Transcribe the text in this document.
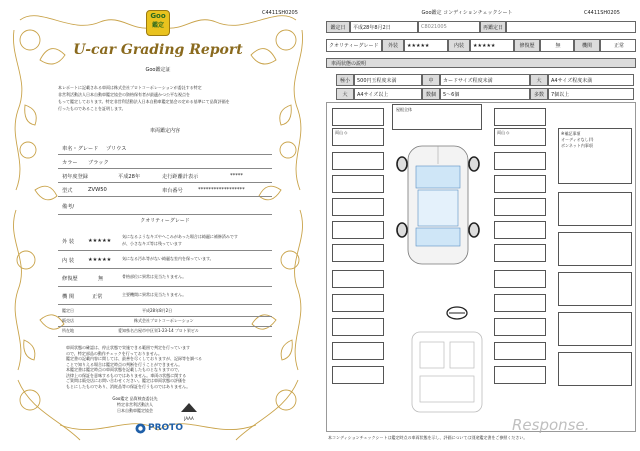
Goo
鑑定
C4411SH0205
U-car Grading Report
Goo鑑定証
本レポートに記載される車両は株式会社プロトコーポレーションが委託する特定
非営利活動法人日本自動車鑑定協会の資格保有者が最適かつ公平な視点を
もって鑑定しております。特定非営利活動法人日本自動車鑑定協会の定める基準にて品質評価を
行ったものであることを証明します。
車両鑑定内容
車名・グレード プリウス
カラー ブラック
初年度登録	平成28年	走行距離計表示	*****
型式	ZVW50	車台番号	******************
備考/
クオリティーグレード
外 装	★★★★★
気になるようなキズやへこみがあった場合は綺麗に補修済みです
が、小さなキズ等は残っています
内 装	★★★★★	気になる汚れ等がない綺麗な室内を保っています。
修復歴	無	骨格部位に異常は見当たりません。
機 関	正常	主要機関に異常は見当たりません。
鑑定日	平成28年8月2日
販売店	株式会社プロトコーポレーション
所在地	愛知県名古屋市中区栄1-23-14 プロト栄ビル
車両状態の確認は、停止状態で実施できる範囲で判定を行っています
ので、特定部品の動作チェックを行っておりません。
鑑定書の記載内容に関しては、最善を尽くしておりますが、記録等を調べる
ことで知りえる場合は鑑定時点の判断を行うことができません。
本鑑定書は鑑定時点の車両状態を記載したものとなりますので、
法律上の保証を意味するものではありません。車両の状態に関する
ご質問は販売店にお問い合わせください。鑑定は車両状態の評価を
もとにしたものであり、消耗品等の保証を行うものではありません。
Goo鑑定 品質検査委託先
特定非営利活動法人
日本自動車鑑定協会
JAAA
PROTO
Goo鑑定 コンディションチェックシート	C4411SH0205
鑑定日	平成28年8月2日	C8021005	再鑑定日
クオリティーグレード	外装	★★★★★	内装	★★★★★	修復歴	無	機関	正常
車両状態の説明
極小	500円玉程度未満	中	カードサイズ程度未満	大	A4サイズ程度未満
大	A4サイズ以上	数個	5〜6個	多数	7個以上
両山 ◇	両山 ◇
屋根全体
※補記事項
オーディオなし(!)
ボンネット内事項
本コンディションチェックシートは鑑定時点の車両状態を示し、評価については別途鑑定書をご参照ください。
Response.
